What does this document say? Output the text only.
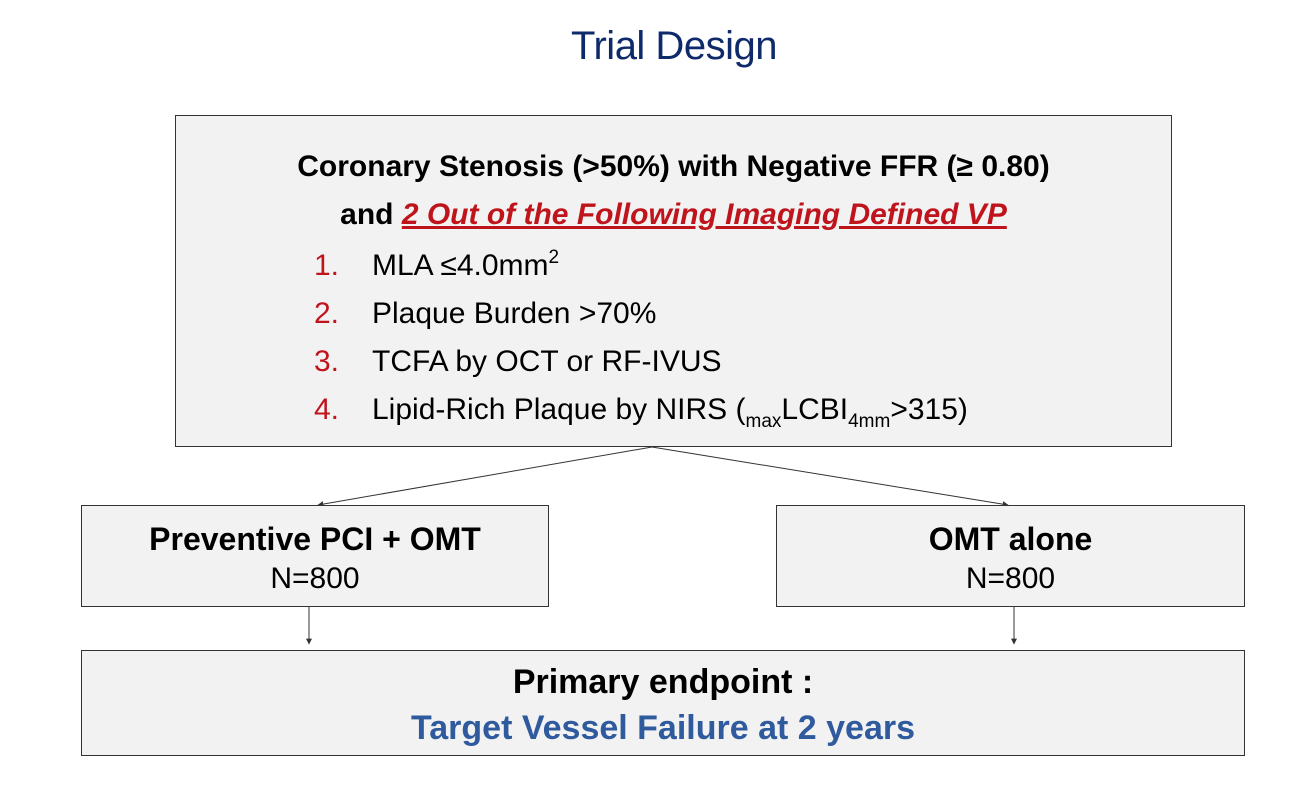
Trial Design
Coronary Stenosis (>50%) with Negative FFR (≥ 0.80)
and 2 Out of the Following Imaging Defined VP
1. MLA $\le 4.0mm^2$
2. Plaque Burden >70%
3. TCFA by OCT or RF-IVUS
4. Lipid-Rich Plaque by NIRS $(_{max}LCBI_{4mm}>315)$
Preventive PCI + OMT
N=800
OMT alone
N=800
Primary endpoint :
Target Vessel Failure at 2 years
